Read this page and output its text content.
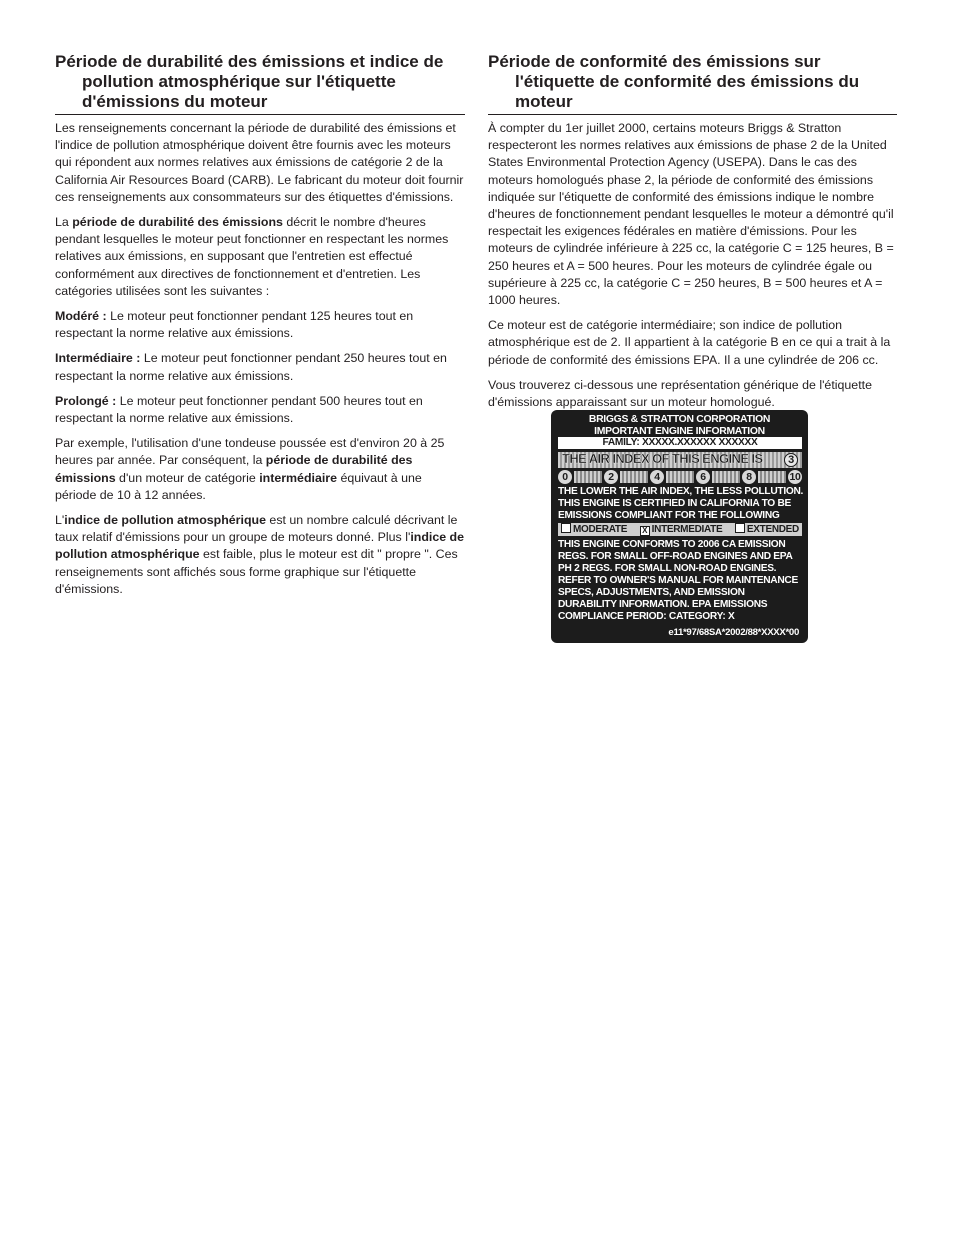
Période de durabilité des émissions et indice de pollution atmosphérique sur l'étiquette d'émissions du moteur

Les renseignements concernant la période de durabilité des émissions et l'indice de pollution atmosphérique doivent être fournis avec les moteurs qui répondent aux normes relatives aux émissions de catégorie 2 de la California Air Resources Board (CARB). Le fabricant du moteur doit fournir ces renseignements aux consommateurs sur des étiquettes d'émissions.

La période de durabilité des émissions décrit le nombre d'heures pendant lesquelles le moteur peut fonctionner en respectant les normes relatives aux émissions, en supposant que l'entretien est effectué conformément aux directives de fonctionnement et d'entretien. Les catégories utilisées sont les suivantes :

Modéré : Le moteur peut fonctionner pendant 125 heures tout en respectant la norme relative aux émissions.

Intermédiaire : Le moteur peut fonctionner pendant 250 heures tout en respectant la norme relative aux émissions.

Prolongé : Le moteur peut fonctionner pendant 500 heures tout en respectant la norme relative aux émissions.

Par exemple, l'utilisation d'une tondeuse poussée est d'environ 20 à 25 heures par année. Par conséquent, la période de durabilité des émissions d'un moteur de catégorie intermédiaire équivaut à une période de 10 à 12 années.

L'indice de pollution atmosphérique est un nombre calculé décrivant le taux relatif d'émissions pour un groupe de moteurs donné. Plus l'indice de pollution atmosphérique est faible, plus le moteur est dit " propre ". Ces renseignements sont affichés sous forme graphique sur l'étiquette d'émissions.

Période de conformité des émissions sur l'étiquette de conformité des émissions du moteur

À compter du 1er juillet 2000, certains moteurs Briggs & Stratton respecteront les normes relatives aux émissions de phase 2 de la United States Environmental Protection Agency (USEPA). Dans le cas des moteurs homologués phase 2, la période de conformité des émissions indiquée sur l'étiquette de conformité des émissions indique le nombre d'heures de fonctionnement pendant lesquelles le moteur a démontré qu'il respectait les exigences fédérales en matière d'émissions. Pour les moteurs de cylindrée inférieure à 225 cc, la catégorie C = 125 heures, B = 250 heures et A = 500 heures. Pour les moteurs de cylindrée égale ou supérieure à 225 cc, la catégorie C = 250 heures, B = 500 heures et A = 1000 heures.

Ce moteur est de catégorie intermédiaire; son indice de pollution atmosphérique est de 2. Il appartient à la catégorie B en ce qui a trait à la période de conformité des émissions EPA. Il a une cylindrée de 206 cc.

Vous trouverez ci-dessous une représentation générique de l'étiquette d'émissions apparaissant sur un moteur homologué.

BRIGGS & STRATTON CORPORATION
IMPORTANT ENGINE INFORMATION
FAMILY: XXXXX.XXXXXX XXXXXX
THE AIR INDEX OF THIS ENGINE IS	3
0	2	4	6	8	10
THE LOWER THE AIR INDEX, THE LESS POLLUTION. THIS ENGINE IS CERTIFIED IN CALIFORNIA TO BE EMISSIONS COMPLIANT FOR THE FOLLOWING
MODERATE	X INTERMEDIATE	EXTENDED
THIS ENGINE CONFORMS TO 2006 CA EMISSION REGS. FOR SMALL OFF-ROAD ENGINES AND EPA PH 2 REGS. FOR SMALL NON-ROAD ENGINES. REFER TO OWNER'S MANUAL FOR MAINTENANCE SPECS, ADJUSTMENTS, AND EMISSION DURABILITY INFORMATION. EPA EMISSIONS COMPLIANCE PERIOD: CATEGORY: X
e11*97/68SA*2002/88*XXXX*00
